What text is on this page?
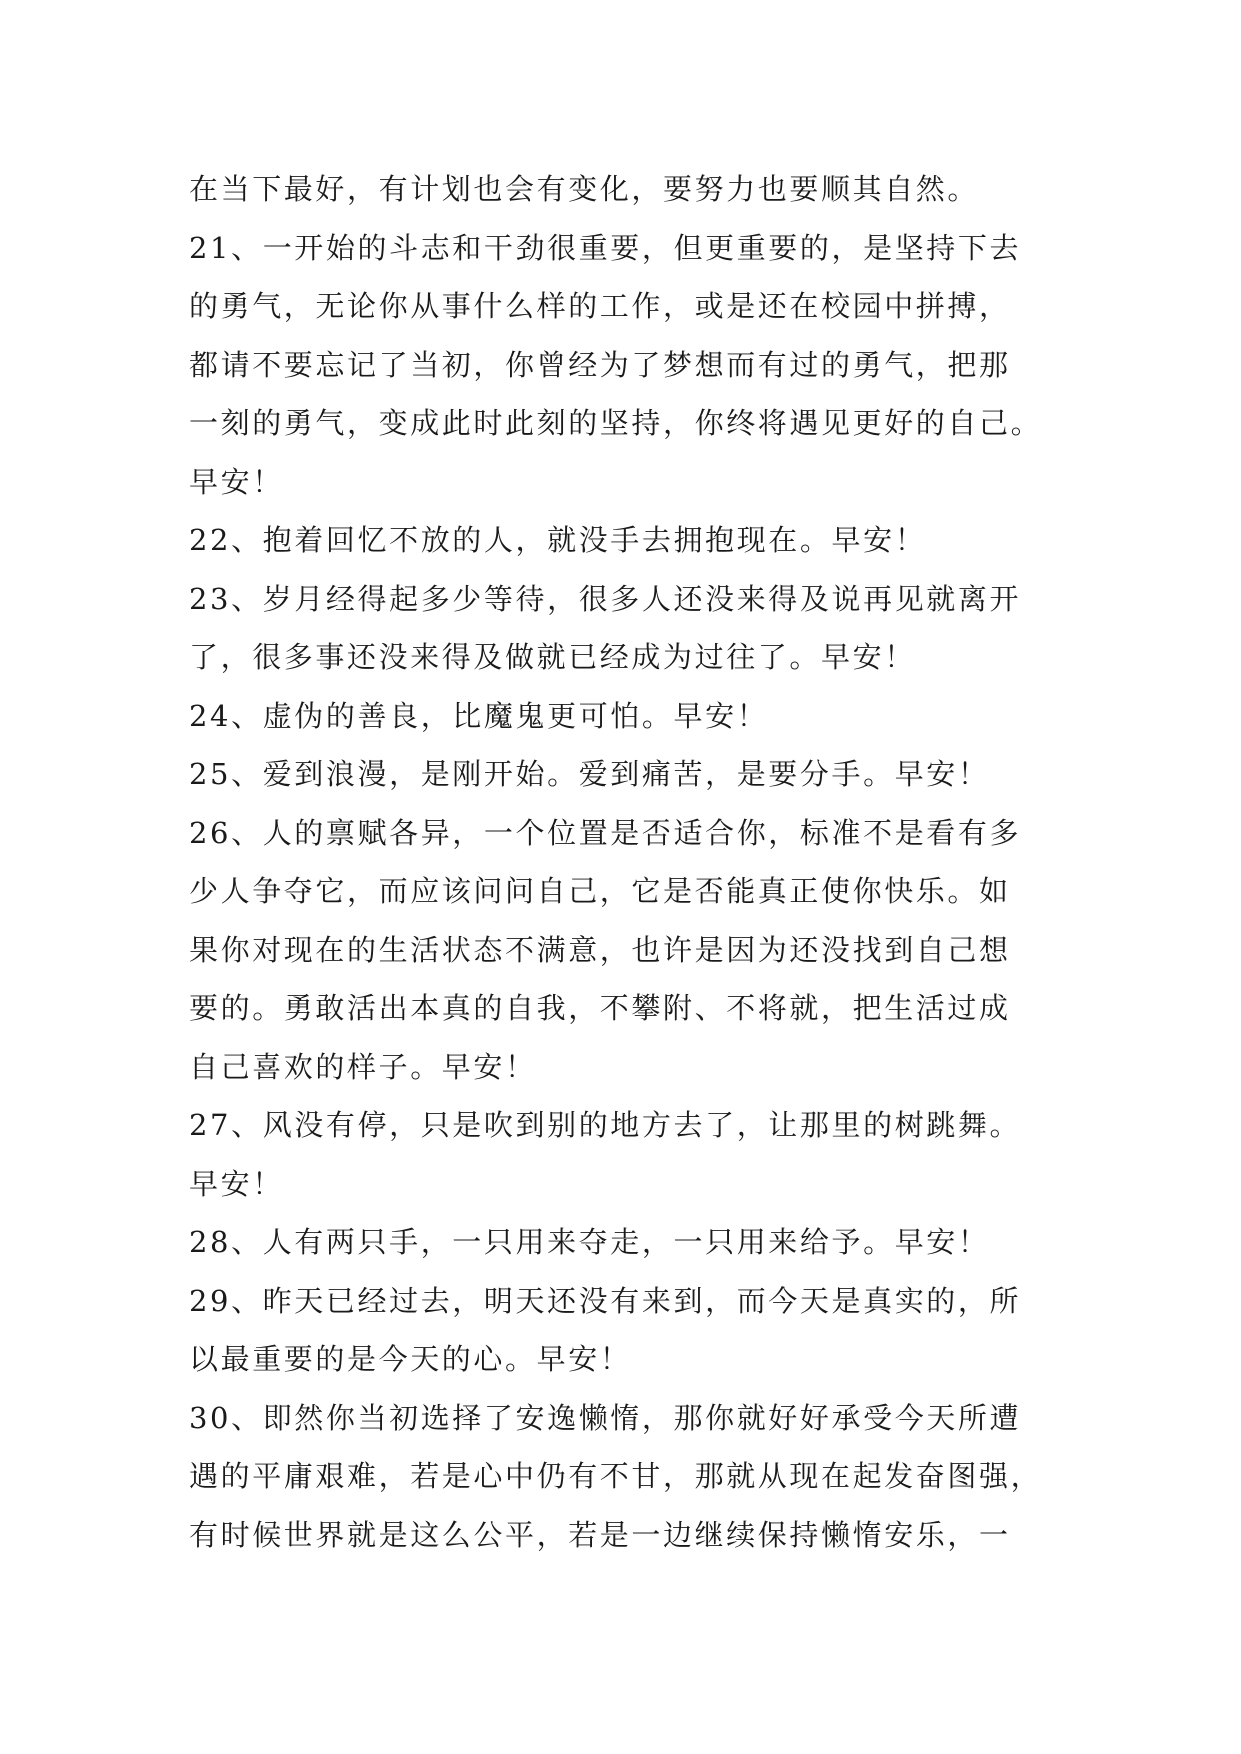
在当下最好，有计划也会有变化，要努力也要顺其自然。
21、一开始的斗志和干劲很重要，但更重要的，是坚持下去
的勇气，无论你从事什么样的工作，或是还在校园中拼搏，
都请不要忘记了当初，你曾经为了梦想而有过的勇气，把那
一刻的勇气，变成此时此刻的坚持，你终将遇见更好的自己。
早安！
22、抱着回忆不放的人，就没手去拥抱现在。早安！
23、岁月经得起多少等待，很多人还没来得及说再见就离开
了，很多事还没来得及做就已经成为过往了。早安！
24、虚伪的善良，比魔鬼更可怕。早安！
25、爱到浪漫，是刚开始。爱到痛苦，是要分手。早安！
26、人的禀赋各异，一个位置是否适合你，标准不是看有多
少人争夺它，而应该问问自己，它是否能真正使你快乐。如
果你对现在的生活状态不满意，也许是因为还没找到自己想
要的。勇敢活出本真的自我，不攀附、不将就，把生活过成
自己喜欢的样子。早安！
27、风没有停，只是吹到别的地方去了，让那里的树跳舞。
早安！
28、人有两只手，一只用来夺走，一只用来给予。早安！
29、昨天已经过去，明天还没有来到，而今天是真实的，所
以最重要的是今天的心。早安！
30、即然你当初选择了安逸懒惰，那你就好好承受今天所遭
遇的平庸艰难，若是心中仍有不甘，那就从现在起发奋图强，
有时候世界就是这么公平，若是一边继续保持懒惰安乐，一
